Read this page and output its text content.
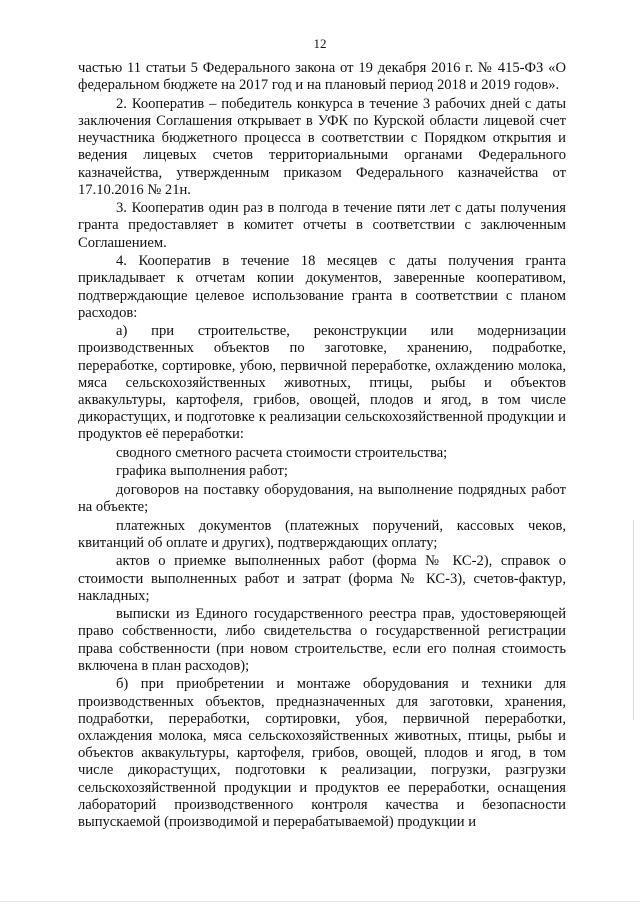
12

частью 11 статьи 5 Федерального закона от 19 декабря 2016 г. № 415-ФЗ «О федеральном бюджете на 2017 год и на плановый период 2018 и 2019 годов».

2. Кооператив – победитель конкурса в течение 3 рабочих дней с даты заключения Соглашения открывает в УФК по Курской области лицевой счет неучастника бюджетного процесса в соответствии с Порядком открытия и ведения лицевых счетов территориальными органами Федерального казначейства, утвержденным приказом Федерального казначейства от 17.10.2016 № 21н.

3. Кооператив один раз в полгода в течение пяти лет с даты получения гранта предоставляет в комитет отчеты в соответствии с заключенным Соглашением.

4. Кооператив в течение 18 месяцев с даты получения гранта прикладывает к отчетам копии документов, заверенные кооперативом, подтверждающие целевое использование гранта в соответствии с планом расходов:

а) при строительстве, реконструкции или модернизации производственных объектов по заготовке, хранению, подработке, переработке, сортировке, убою, первичной переработке, охлаждению молока, мяса сельскохозяйственных животных, птицы, рыбы и объектов аквакультуры, картофеля, грибов, овощей, плодов и ягод, в том числе дикорастущих, и подготовке к реализации сельскохозяйственной продукции и продуктов её переработки:

сводного сметного расчета стоимости строительства;

графика выполнения работ;

договоров на поставку оборудования, на выполнение подрядных работ на объекте;

платежных документов (платежных поручений, кассовых чеков, квитанций об оплате и других), подтверждающих оплату;

актов о приемке выполненных работ (форма № КС-2), справок о стоимости выполненных работ и затрат (форма № КС-3), счетов-фактур, накладных;

выписки из Единого государственного реестра прав, удостоверяющей право собственности, либо свидетельства о государственной регистрации права собственности (при новом строительстве, если его полная стоимость включена в план расходов);

б) при приобретении и монтаже оборудования и техники для производственных объектов, предназначенных для заготовки, хранения, подработки, переработки, сортировки, убоя, первичной переработки, охлаждения молока, мяса сельскохозяйственных животных, птицы, рыбы и объектов аквакультуры, картофеля, грибов, овощей, плодов и ягод, в том числе дикорастущих, подготовки к реализации, погрузки, разгрузки сельскохозяйственной продукции и продуктов ее переработки, оснащения лабораторий производственного контроля качества и безопасности выпускаемой (производимой и перерабатываемой) продукции и
